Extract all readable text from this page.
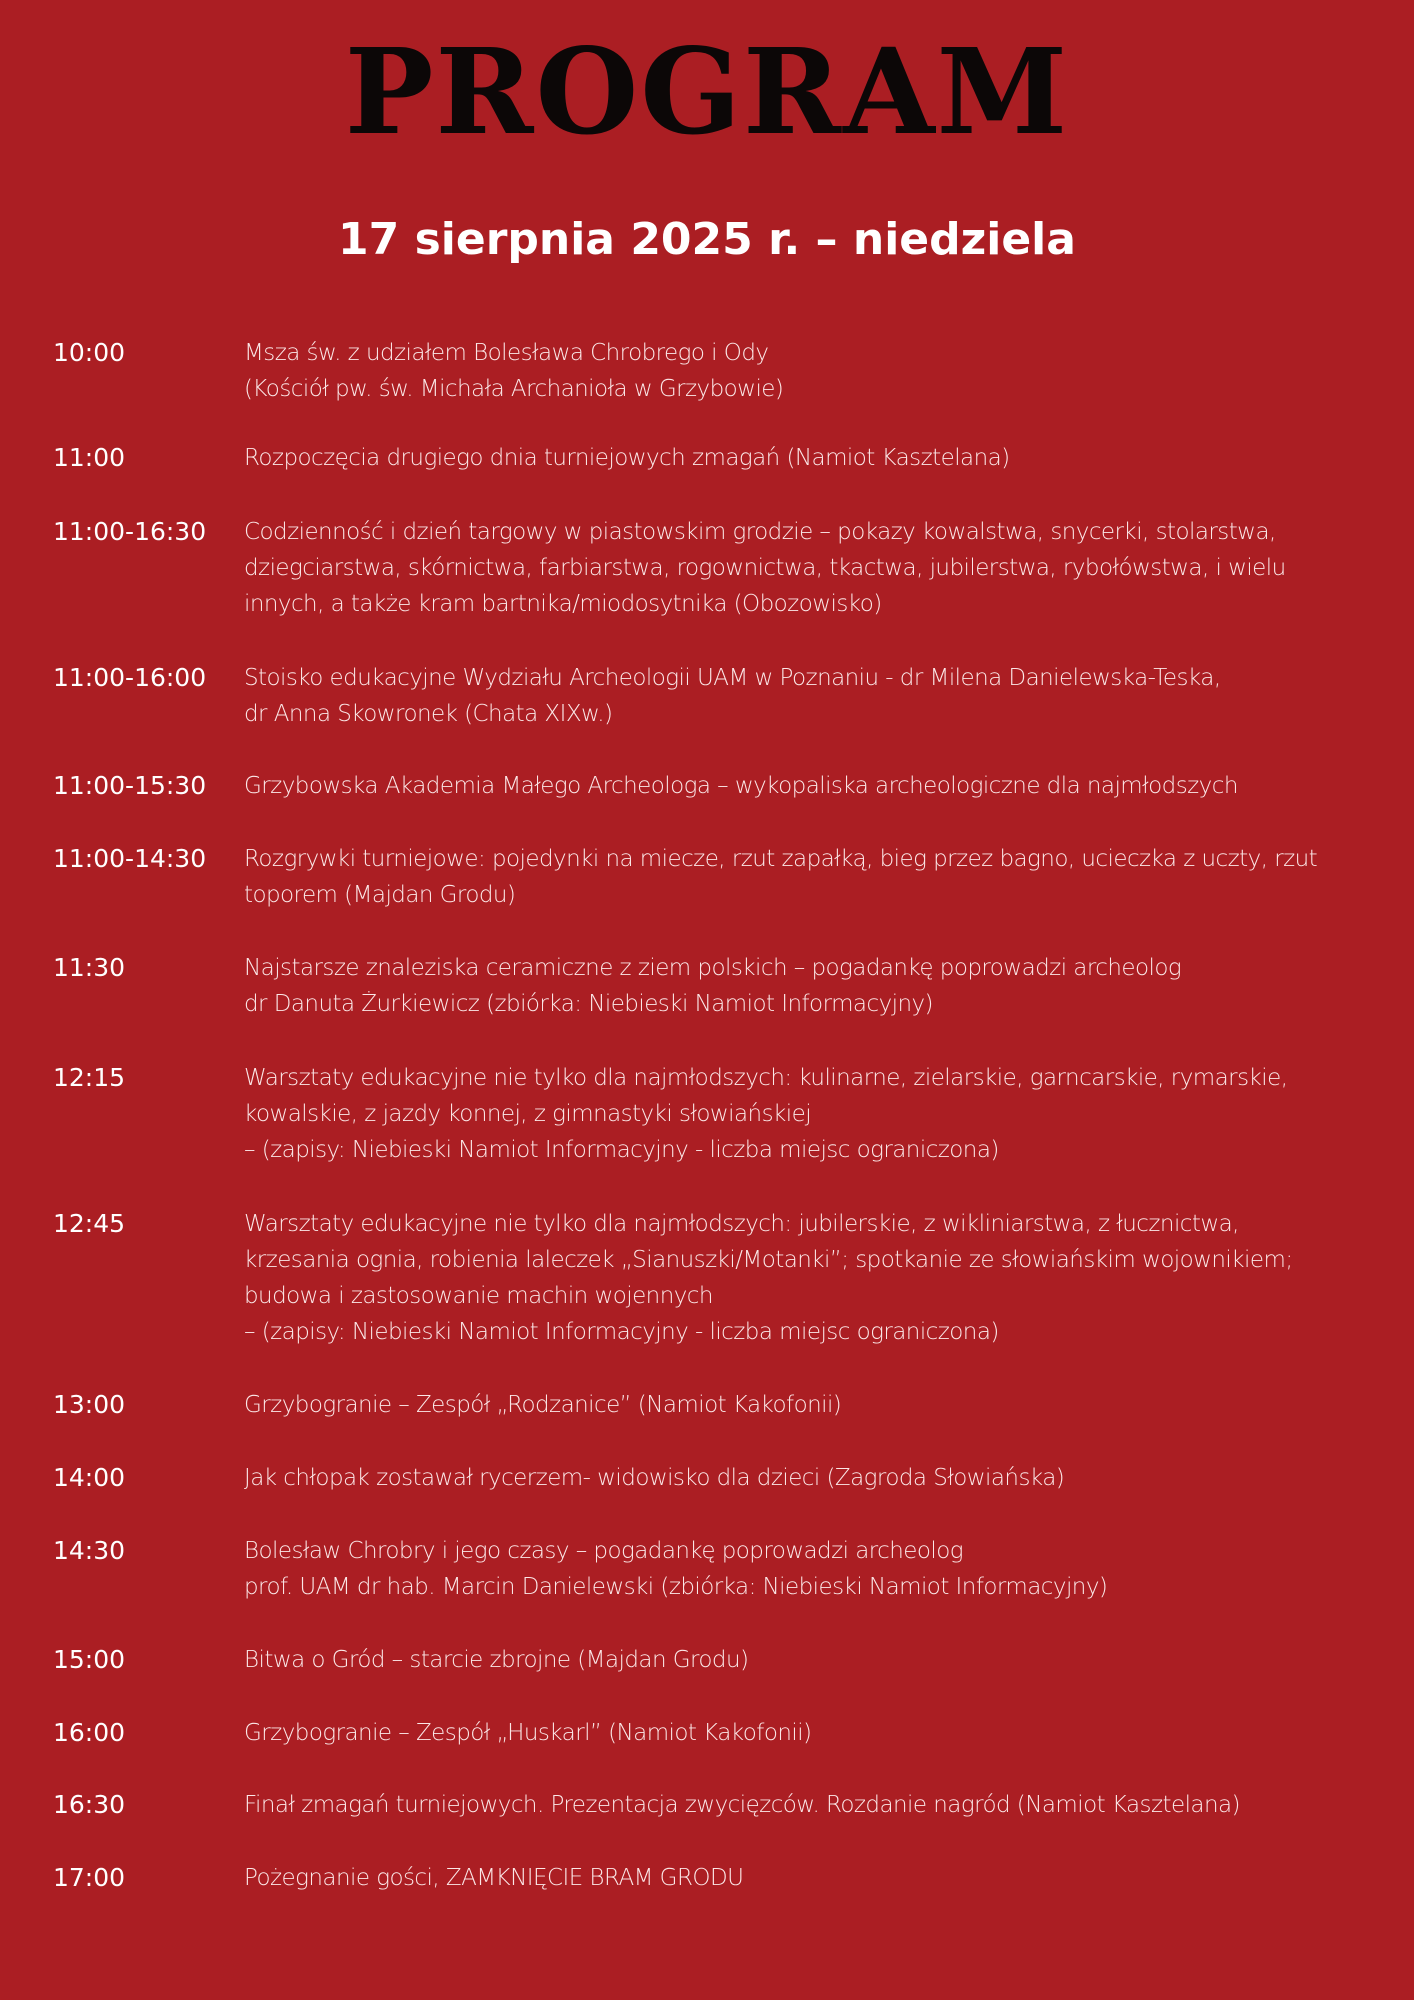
PROGRAM
17 sierpnia 2025 r. – niedziela
10:00	Msza św. z udziałem Bolesława Chrobrego i Ody
(Kościół pw. św. Michała Archanioła w Grzybowie)
11:00	Rozpoczęcia drugiego dnia turniejowych zmagań (Namiot Kasztelana)
11:00-16:30	Codzienność i dzień targowy w piastowskim grodzie – pokazy kowalstwa, snycerki, stolarstwa,
dziegciarstwa, skórnictwa, farbiarstwa, rogownictwa, tkactwa, jubilerstwa, rybołówstwa, i wielu
innych, a także kram bartnika/miodosytnika (Obozowisko)
11:00-16:00	Stoisko edukacyjne Wydziału Archeologii UAM w Poznaniu - dr Milena Danielewska-Teska,
dr Anna Skowronek (Chata XIXw.)
11:00-15:30	Grzybowska Akademia Małego Archeologa – wykopaliska archeologiczne dla najmłodszych
11:00-14:30	Rozgrywki turniejowe: pojedynki na miecze, rzut zapałką, bieg przez bagno, ucieczka z uczty, rzut
toporem (Majdan Grodu)
11:30	Najstarsze znaleziska ceramiczne z ziem polskich – pogadankę poprowadzi archeolog
dr Danuta Żurkiewicz (zbiórka: Niebieski Namiot Informacyjny)
12:15	Warsztaty edukacyjne nie tylko dla najmłodszych: kulinarne, zielarskie, garncarskie, rymarskie,
kowalskie, z jazdy konnej, z gimnastyki słowiańskiej
– (zapisy: Niebieski Namiot Informacyjny - liczba miejsc ograniczona)
12:45	Warsztaty edukacyjne nie tylko dla najmłodszych: jubilerskie, z wikliniarstwa, z łucznictwa,
krzesania ognia, robienia laleczek „Sianuszki/Motanki”; spotkanie ze słowiańskim wojownikiem;
budowa i zastosowanie machin wojennych
– (zapisy: Niebieski Namiot Informacyjny - liczba miejsc ograniczona)
13:00	Grzybogranie – Zespół „Rodzanice” (Namiot Kakofonii)
14:00	Jak chłopak zostawał rycerzem- widowisko dla dzieci (Zagroda Słowiańska)
14:30	Bolesław Chrobry i jego czasy – pogadankę poprowadzi archeolog
prof. UAM dr hab. Marcin Danielewski (zbiórka: Niebieski Namiot Informacyjny)
15:00	Bitwa o Gród – starcie zbrojne (Majdan Grodu)
16:00	Grzybogranie – Zespół „Huskarl” (Namiot Kakofonii)
16:30	Finał zmagań turniejowych. Prezentacja zwycięzców. Rozdanie nagród (Namiot Kasztelana)
17:00	Pożegnanie gości, ZAMKNIĘCIE BRAM GRODU
